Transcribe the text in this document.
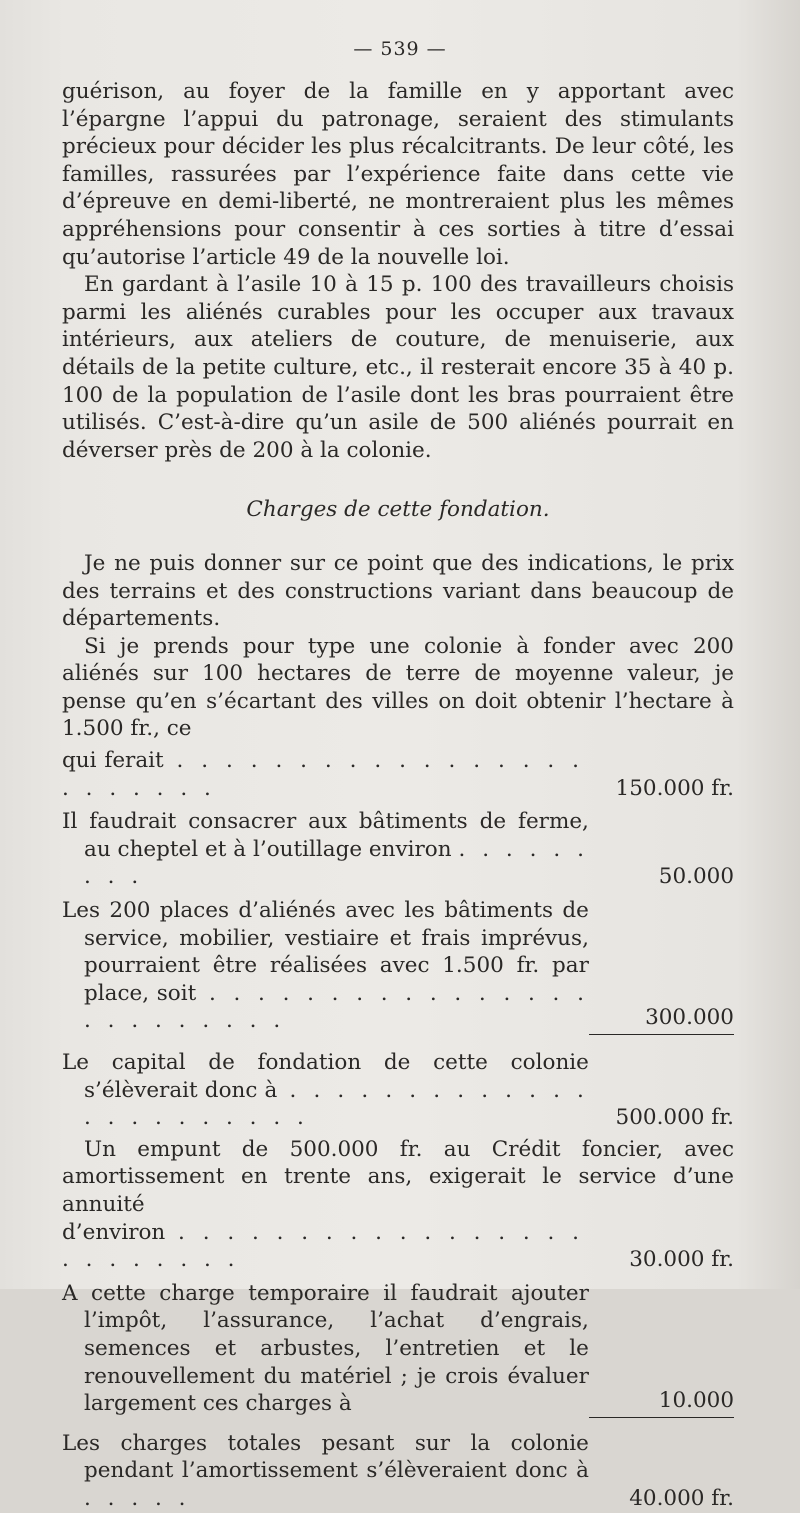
— 539 —

guérison, au foyer de la famille en y apportant avec l’épargne l’appui du patronage, seraient des stimulants précieux pour décider les plus récalcitrants. De leur côté, les familles, rassurées par l’expérience faite dans cette vie d’épreuve en demi-liberté, ne montreraient plus les mêmes appréhensions pour consentir à ces sorties à titre d’essai qu’autorise l’article 49 de la nouvelle loi.

En gardant à l’asile 10 à 15 p. 100 des travailleurs choisis parmi les aliénés curables pour les occuper aux travaux intérieurs, aux ateliers de couture, de menuiserie, aux détails de la petite culture, etc., il resterait encore 35 à 40 p. 100 de la population de l’asile dont les bras pourraient être utilisés. C’est-à-dire qu’un asile de 500 aliénés pourrait en déverser près de 200 à la colonie.

Charges de cette fondation.

Je ne puis donner sur ce point que des indications, le prix des terrains et des constructions variant dans beaucoup de départements.

Si je prends pour type une colonie à fonder avec 200 aliénés sur 100 hectares de terre de moyenne valeur, je pense qu’en s’écartant des villes on doit obtenir l’hectare à 1.500 fr., ce

qui ferait . . . . . . . . . . . . . . . . . . . . . . . .	150.000 fr.
Il faudrait consacrer aux bâtiments de ferme, au cheptel et à l’outillage environ . . . . . . . . .	50.000
Les 200 places d’aliénés avec les bâtiments de service, mobilier, vestiaire et frais imprévus, pourraient être réalisées avec 1.500 fr. par place, soit . . . . . . . . . . . . . . . . . . . . . . . . .	300.000
Le capital de fondation de cette colonie s’élèverait donc à . . . . . . . . . . . . . . . . . . . . . . .	500.000 fr.

Un empunt de 500.000 fr. au Crédit foncier, avec amortissement en trente ans, exigerait le service d’une annuité

d’environ . . . . . . . . . . . . . . . . . . . . . . . . .	30.000 fr.
A cette charge temporaire il faudrait ajouter l’impôt, l’assurance, l’achat d’engrais, semences et arbustes, l’entretien et le renouvellement du matériel ; je crois évaluer largement ces charges à	10.000
Les charges totales pesant sur la colonie pendant l’amortissement s’élèveraient donc à . . . . .	40.000 fr.
